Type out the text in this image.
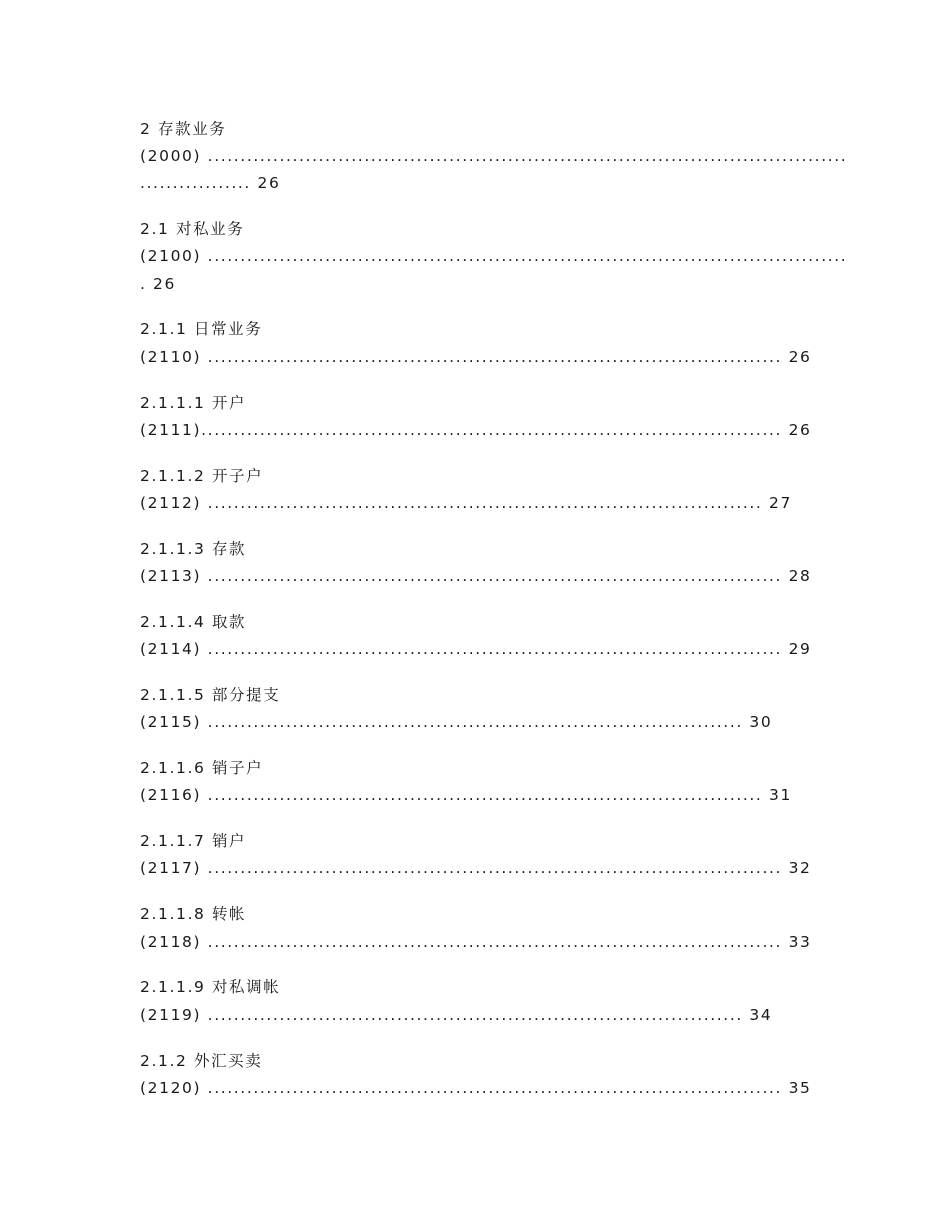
2 存款业务
(2000) ..................................................................................................
................. 26
2.1 对私业务
(2100) ..................................................................................................
. 26
2.1.1 日常业务
(2110) ........................................................................................ 26
2.1.1.1 开户
(2111)......................................................................................... 26
2.1.1.2 开子户
(2112) ..................................................................................... 27
2.1.1.3 存款
(2113) ........................................................................................ 28
2.1.1.4 取款
(2114) ........................................................................................ 29
2.1.1.5 部分提支
(2115) .................................................................................. 30
2.1.1.6 销子户
(2116) ..................................................................................... 31
2.1.1.7 销户
(2117) ........................................................................................ 32
2.1.1.8 转帐
(2118) ........................................................................................ 33
2.1.1.9 对私调帐
(2119) .................................................................................. 34
2.1.2 外汇买卖
(2120) ........................................................................................ 35
